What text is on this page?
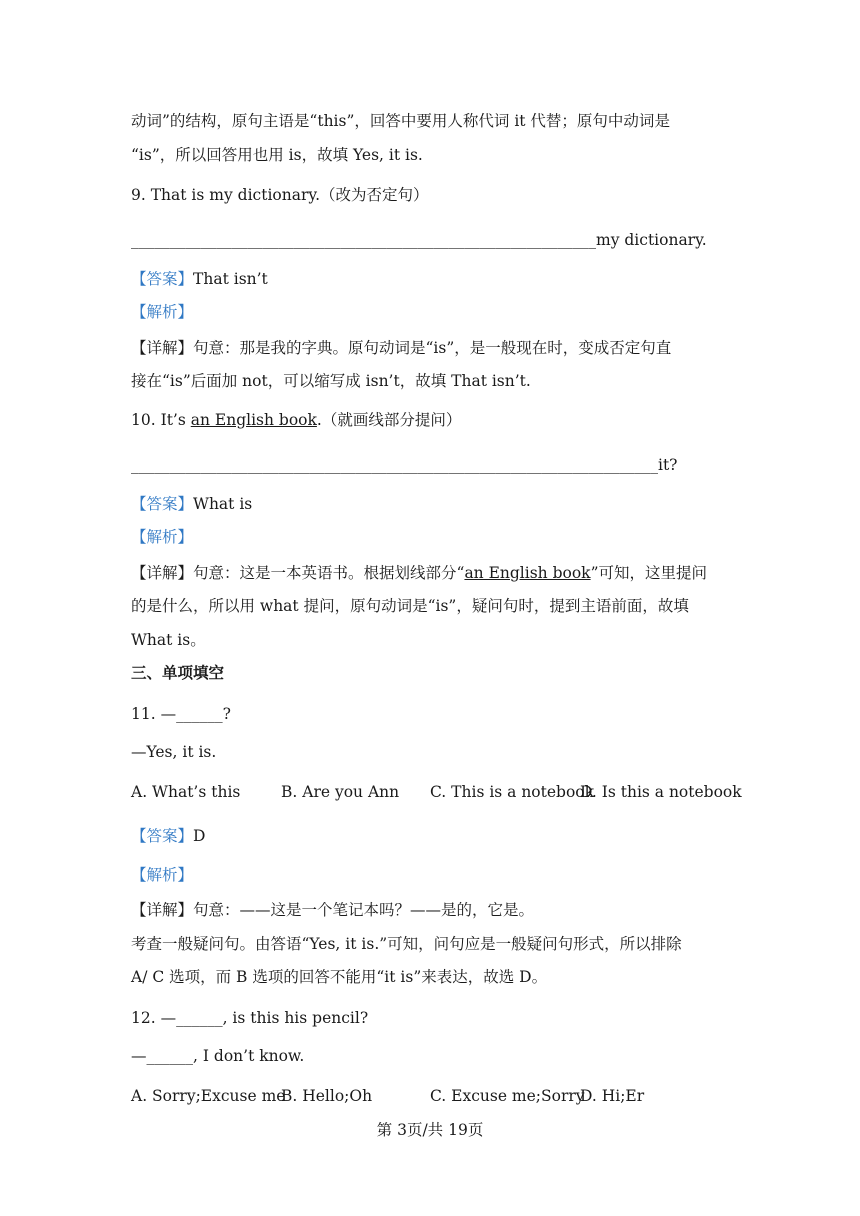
动词”的结构，原句主语是“this”，回答中要用人称代词 it 代替；原句中动词是
“is”，所以回答用也用 is，故填 Yes, it is.
9. That is my dictionary.（改为否定句）
____________________________________________________________my dictionary.
【答案】That isn’t
【解析】
【详解】句意：那是我的字典。原句动词是“is”，是一般现在时，变成否定句直
接在“is”后面加 not，可以缩写成 isn’t，故填 That isn’t.
10. It’s an English book.（就画线部分提问）
____________________________________________________________________it?
【答案】What is
【解析】
【详解】句意：这是一本英语书。根据划线部分“an English book”可知，这里提问
的是什么，所以用 what 提问，原句动词是“is”，疑问句时，提到主语前面，故填
What is。
三、单项填空
11. —______?
—Yes, it is.
A. What’s this	B. Are you Ann C. This is a notebook
D. Is this a notebook
【答案】D
【解析】
【详解】句意：——这是一个笔记本吗？——是的，它是。
考查一般疑问句。由答语“Yes, it is.”可知，问句应是一般疑问句形式，所以排除
A/ C 选项，而 B 选项的回答不能用“it is”来表达，故选 D。
12. —______, is this his pencil?
—______, I don’t know.
A. Sorry;Excuse me
B. Hello;Oh	C. Excuse me;Sorry
D. Hi;Er
第 3页/共 19页
